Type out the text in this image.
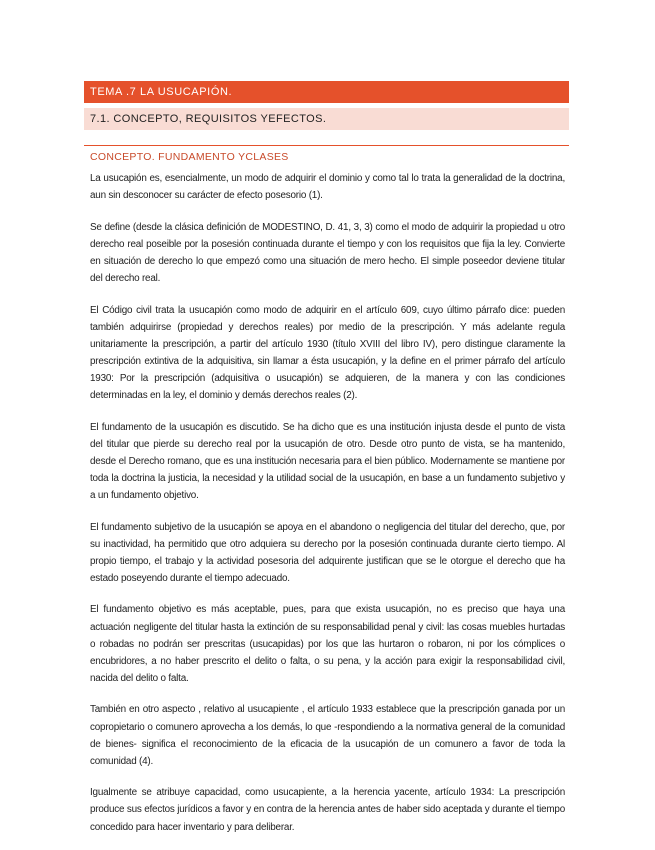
TEMA .7 LA USUCAPIÓN.
7.1. CONCEPTO, REQUISITOS YEFECTOS.
CONCEPTO. FUNDAMENTO YCLASES

La usucapión es, esencialmente, un modo de adquirir el dominio y como tal lo trata la generalidad de la doctrina, aun sin desconocer su carácter de efecto posesorio (1).

Se define (desde la clásica definición de MODESTINO, D. 41, 3, 3) como el modo de adquirir la propiedad u otro derecho real poseible por la posesión continuada durante el tiempo y con los requisitos que fija la ley. Convierte en situación de derecho lo que empezó como una situación de mero hecho. El simple poseedor deviene titular del derecho real.

El Código civil trata la usucapión como modo de adquirir en el artículo 609, cuyo último párrafo dice: pueden también adquirirse (propiedad y derechos reales) por medio de la prescripción. Y más adelante regula unitariamente la prescripción, a partir del artículo 1930 (título XVIII del libro IV), pero distingue claramente la prescripción extintiva de la adquisitiva, sin llamar a ésta usucapión, y la define en el primer párrafo del artículo 1930: Por la prescripción (adquisitiva o usucapión) se adquieren, de la manera y con las condiciones determinadas en la ley, el dominio y demás derechos reales (2).

El fundamento de la usucapión es discutido. Se ha dicho que es una institución injusta desde el punto de vista del titular que pierde su derecho real por la usucapión de otro. Desde otro punto de vista, se ha mantenido, desde el Derecho romano, que es una institución necesaria para el bien público. Modernamente se mantiene por toda la doctrina la justicia, la necesidad y la utilidad social de la usucapión, en base a un fundamento subjetivo y a un fundamento objetivo.

El fundamento subjetivo de la usucapión se apoya en el abandono o negligencia del titular del derecho, que, por su inactividad, ha permitido que otro adquiera su derecho por la posesión continuada durante cierto tiempo. Al propio tiempo, el trabajo y la actividad posesoria del adquirente justifican que se le otorgue el derecho que ha estado poseyendo durante el tiempo adecuado.

El fundamento objetivo es más aceptable, pues, para que exista usucapión, no es preciso que haya una actuación negligente del titular hasta la extinción de su responsabilidad penal y civil: las cosas muebles hurtadas o robadas no podrán ser prescritas (usucapidas) por los que las hurtaron o robaron, ni por los cómplices o encubridores, a no haber prescrito el delito o falta, o su pena, y la acción para exigir la responsabilidad civil, nacida del delito o falta.

También en otro aspecto , relativo al usucapiente , el artículo 1933 establece que la prescripción ganada por un copropietario o comunero aprovecha a los demás, lo que -respondiendo a la normativa general de la comunidad de bienes- significa el reconocimiento de la eficacia de la usucapión de un comunero a favor de toda la comunidad (4).

Igualmente se atribuye capacidad, como usucapiente, a la herencia yacente, artículo 1934: La prescripción produce sus efectos jurídicos a favor y en contra de la herencia antes de haber sido aceptada y durante el tiempo concedido para hacer inventario y para deliberar.
